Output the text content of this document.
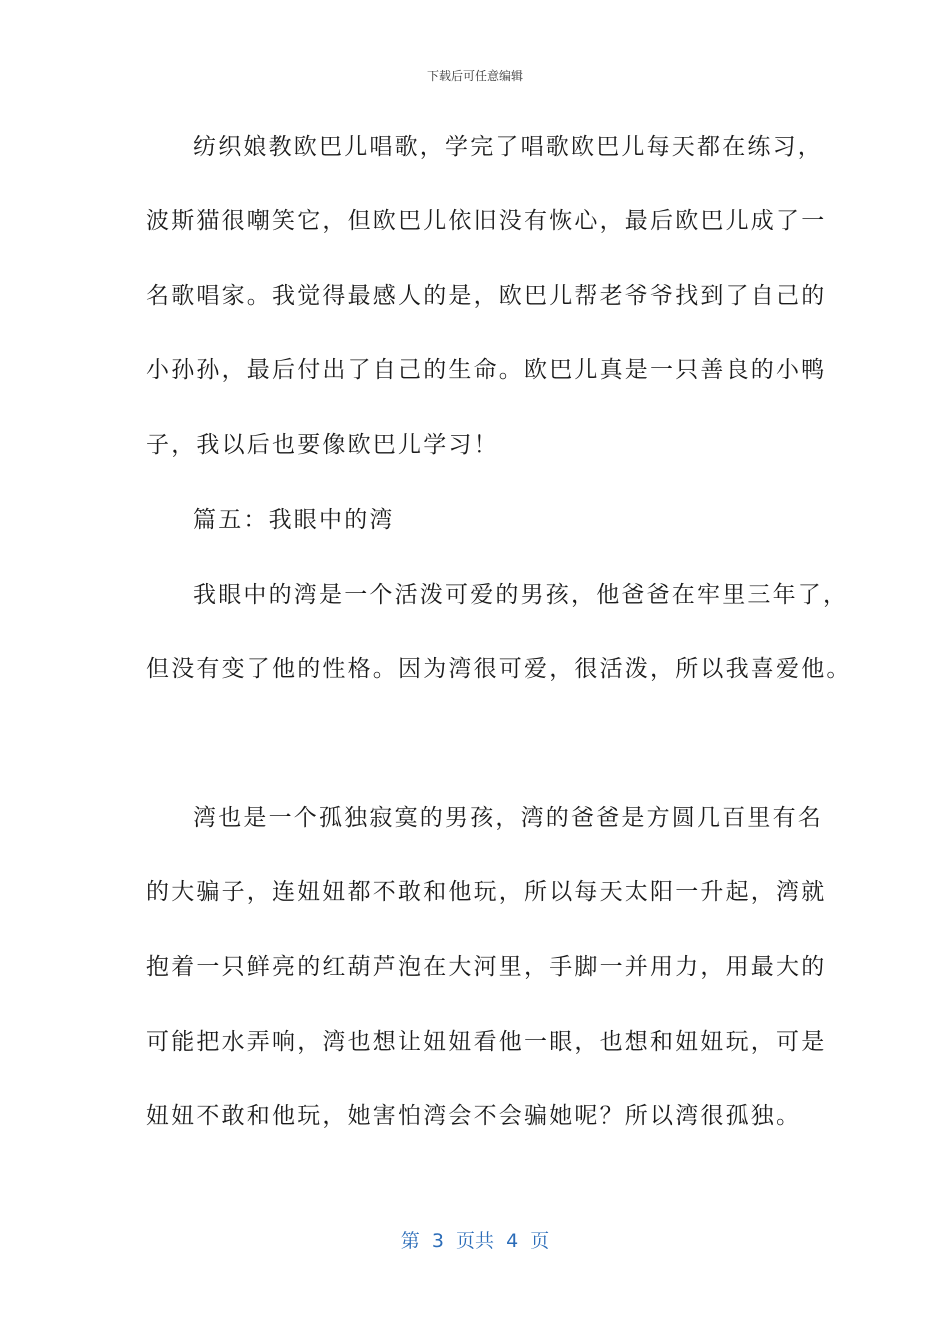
下载后可任意编辑
纺织娘教欧巴儿唱歌，学完了唱歌欧巴儿每天都在练习，
波斯猫很嘲笑它，但欧巴儿依旧没有恢心，最后欧巴儿成了一
名歌唱家。我觉得最感人的是，欧巴儿帮老爷爷找到了自己的
小孙孙，最后付出了自己的生命。欧巴儿真是一只善良的小鸭
子，我以后也要像欧巴儿学习！
篇五：我眼中的湾
我眼中的湾是一个活泼可爱的男孩，他爸爸在牢里三年了，
但没有变了他的性格。因为湾很可爱，很活泼，所以我喜爱他。
湾也是一个孤独寂寞的男孩，湾的爸爸是方圆几百里有名
的大骗子，连妞妞都不敢和他玩，所以每天太阳一升起，湾就
抱着一只鲜亮的红葫芦泡在大河里，手脚一并用力，用最大的
可能把水弄响，湾也想让妞妞看他一眼，也想和妞妞玩，可是
妞妞不敢和他玩，她害怕湾会不会骗她呢？所以湾很孤独。
第  3  页共  4  页
